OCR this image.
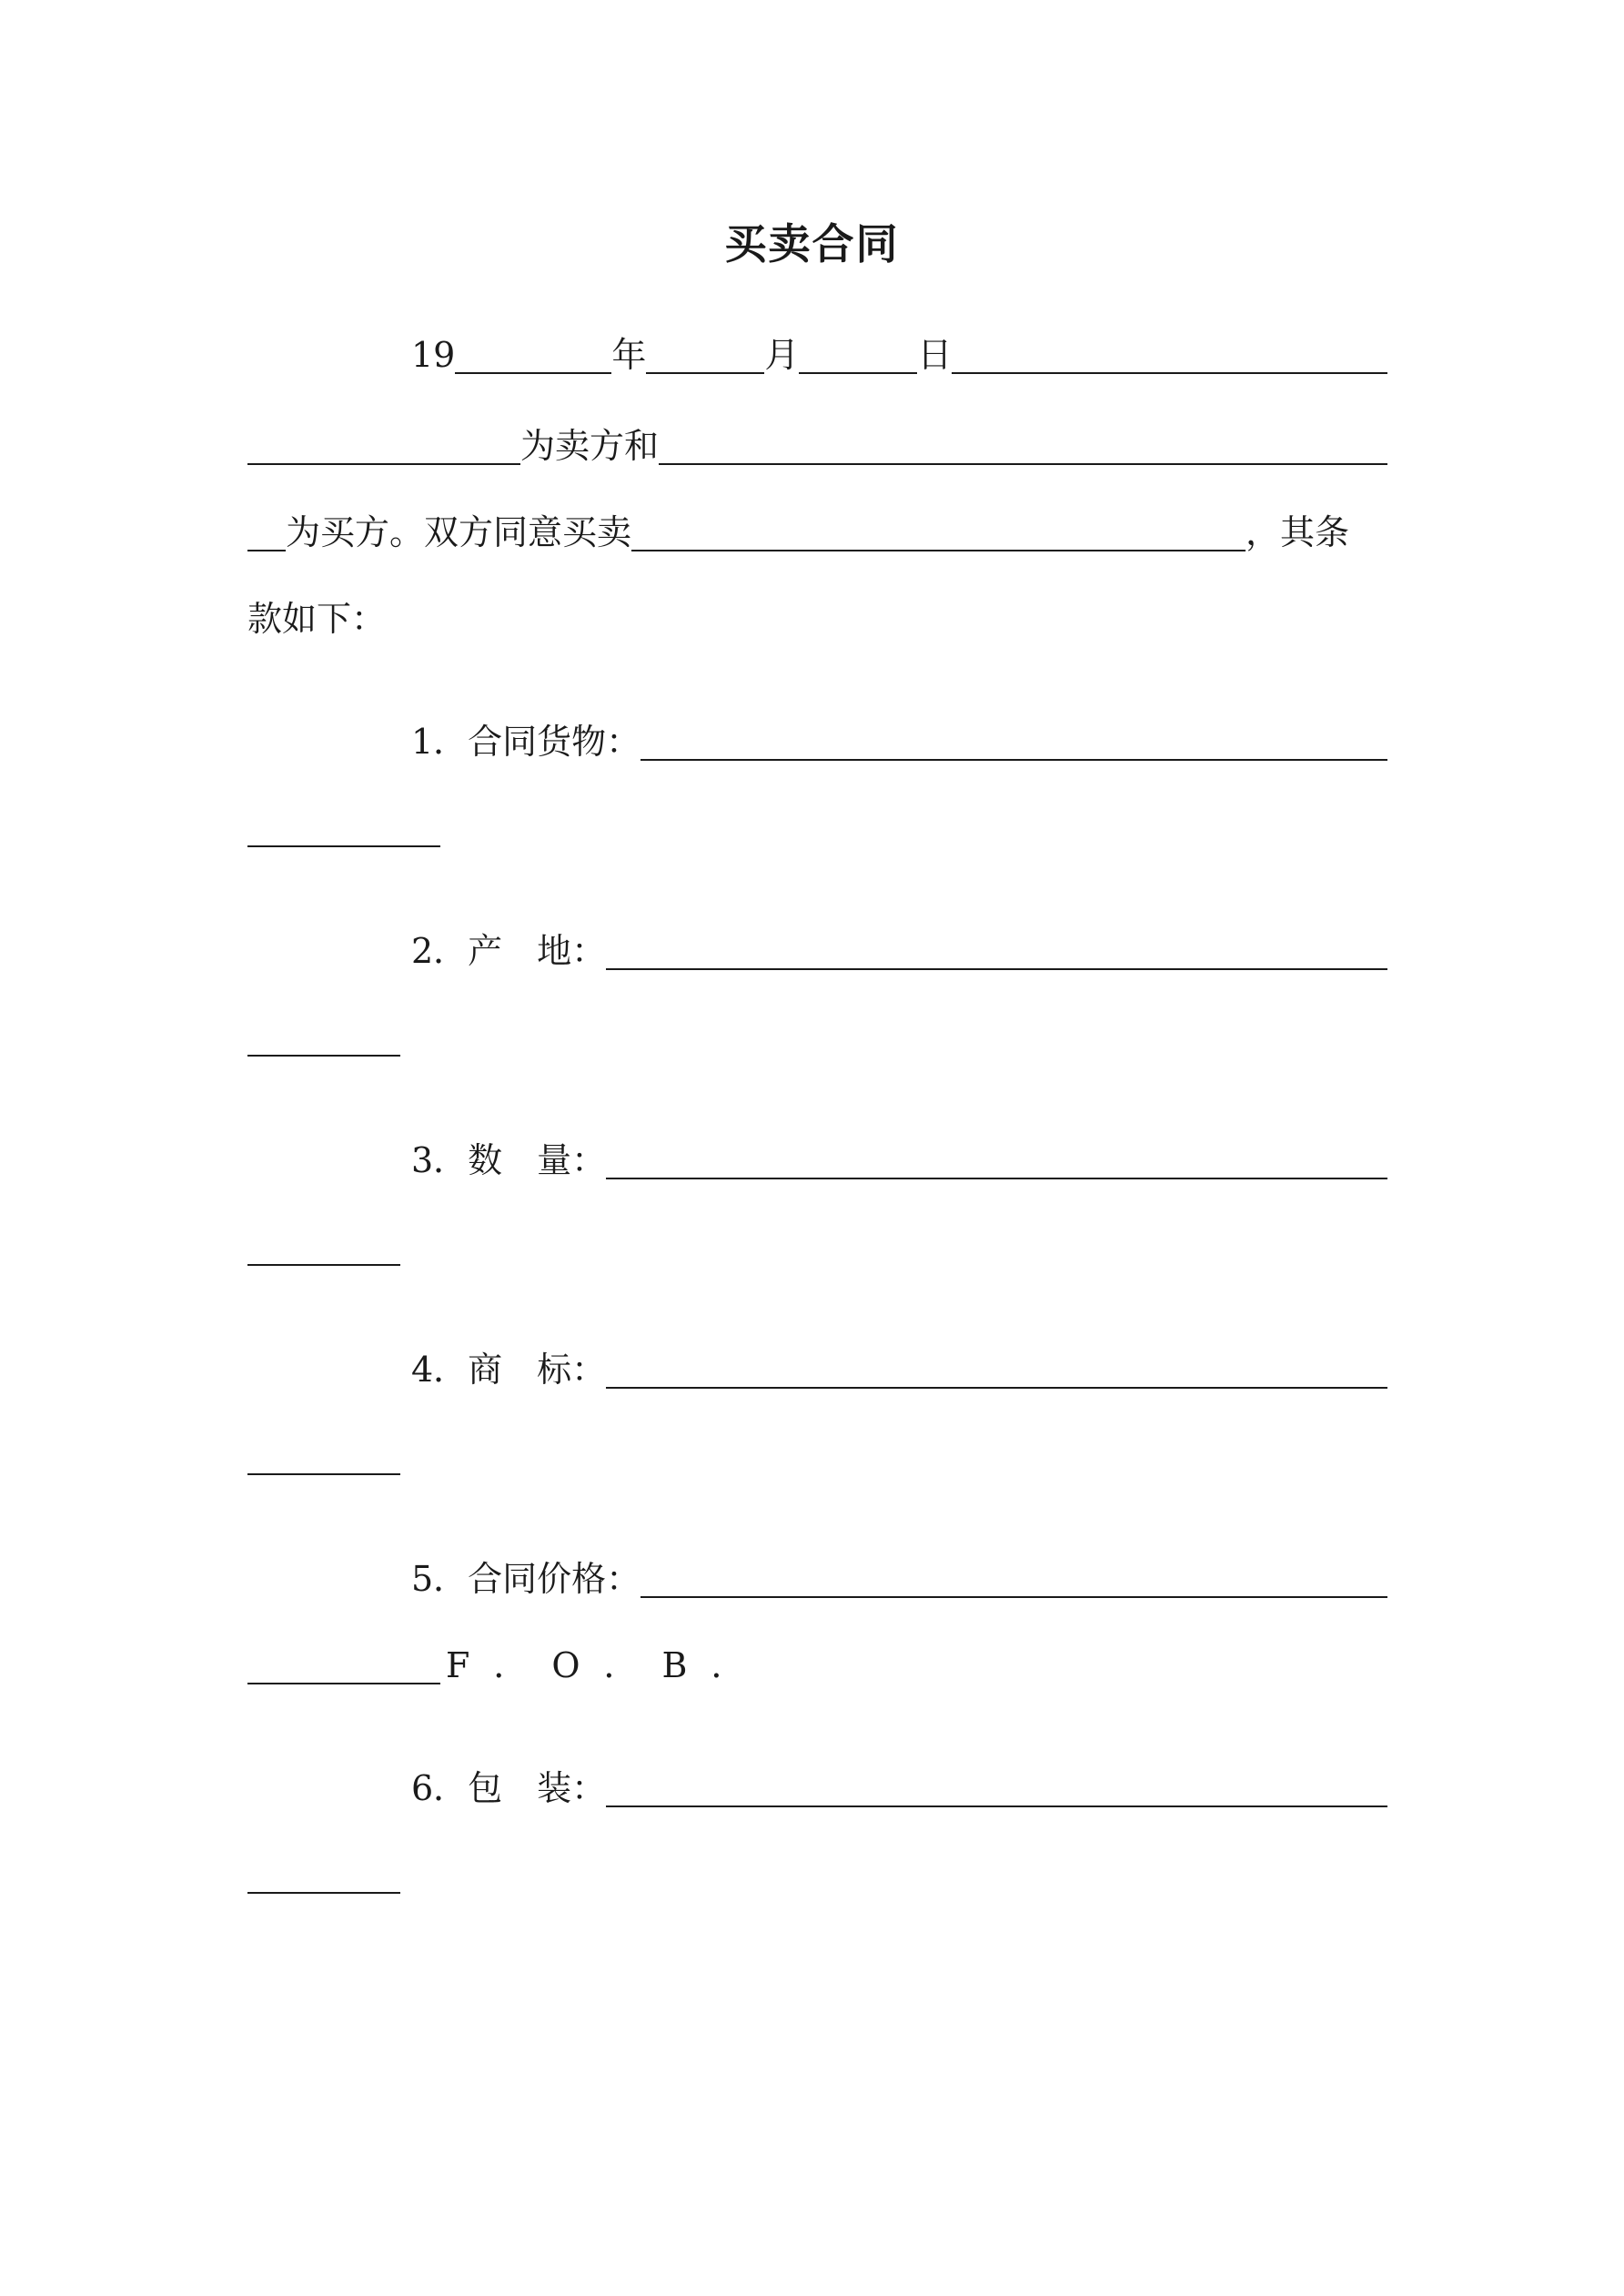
买卖合同
19	年	月	日
为卖方和
为买方。双方同意买卖	，其条
款如下：
1．合同货物：
2．产　地：
3．数　量：
4．商　标：
5．合同价格：
F．O．B．
6．包　装：
